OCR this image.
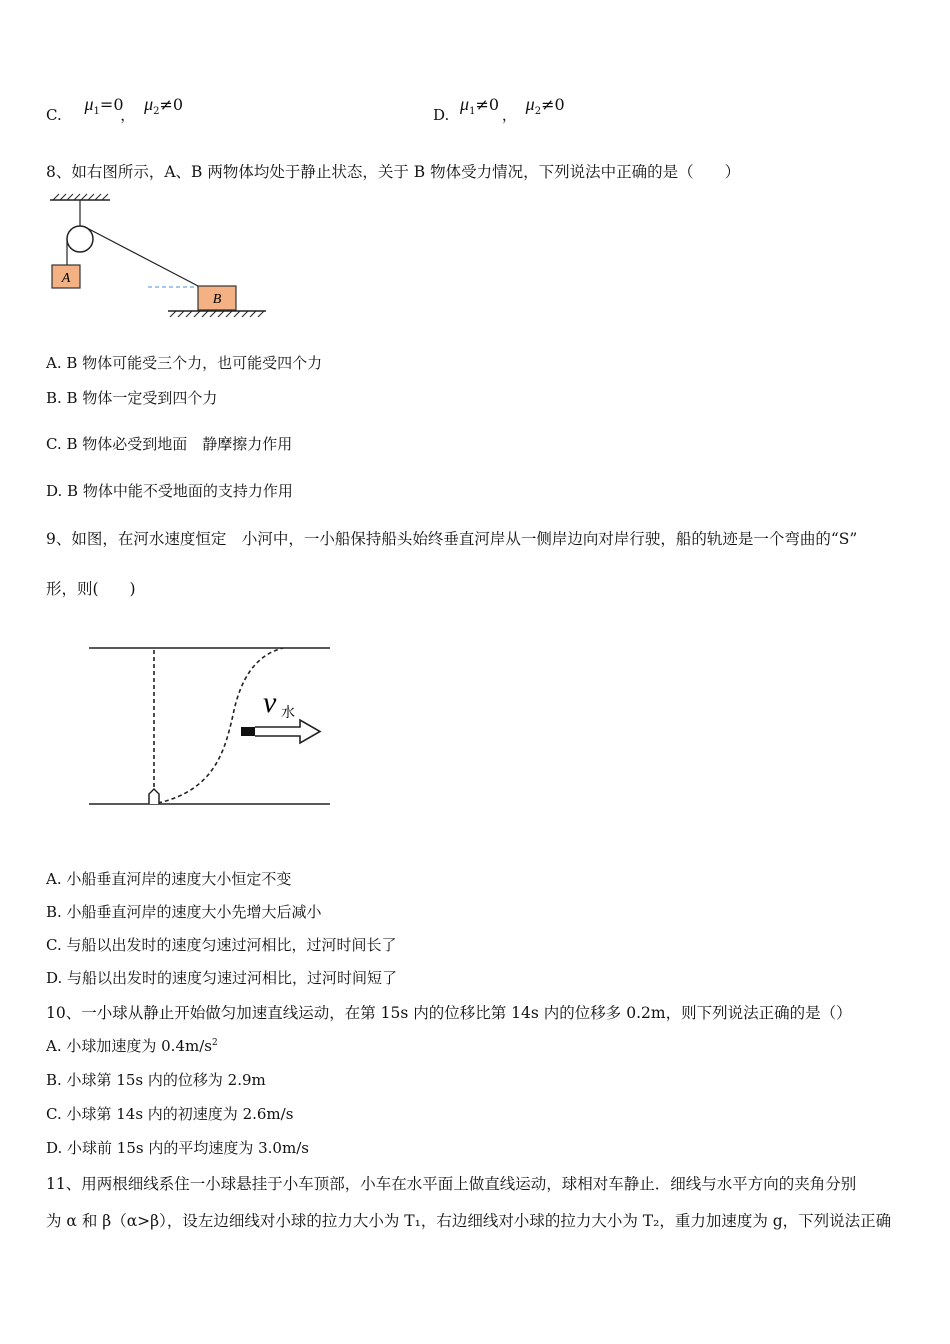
C. $\mu_1=0$ ， $\mu_2\ne 0$
D. $\mu_1\ne 0$ ， $\mu_2\ne 0$
8、如右图所示，A、B 两物体均处于静止状态，关于 B 物体受力情况，下列说法中正确的是（　　）
A
B
A. B 物体可能受三个力，也可能受四个力
B. B 物体一定受到四个力
C. B 物体必受到地面　静摩擦力作用
D. B 物体中能不受地面的支持力作用
9、如图，在河水速度恒定　小河中，一小船保持船头始终垂直河岸从一侧岸边向对岸行驶，船的轨迹是一个弯曲的“S”
形，则(　　)
v 水
A. 小船垂直河岸的速度大小恒定不变
B. 小船垂直河岸的速度大小先增大后减小
C. 与船以出发时的速度匀速过河相比，过河时间长了
D. 与船以出发时的速度匀速过河相比，过河时间短了
10、一小球从静止开始做匀加速直线运动，在第 15s 内的位移比第 14s 内的位移多 0.2m，则下列说法正确的是（）
A. 小球加速度为 $0.4m/s^2$
B. 小球第 15s 内的位移为 2.9m
C. 小球第 14s 内的初速度为 2.6m/s
D. 小球前 15s 内的平均速度为 3.0m/s
11、用两根细线系住一小球悬挂于小车顶部，小车在水平面上做直线运动，球相对车静止．细线与水平方向的夹角分别
为 α 和 β（α>β），设左边细线对小球的拉力大小为 T₁，右边细线对小球的拉力大小为 T₂，重力加速度为 g，下列说法正确
